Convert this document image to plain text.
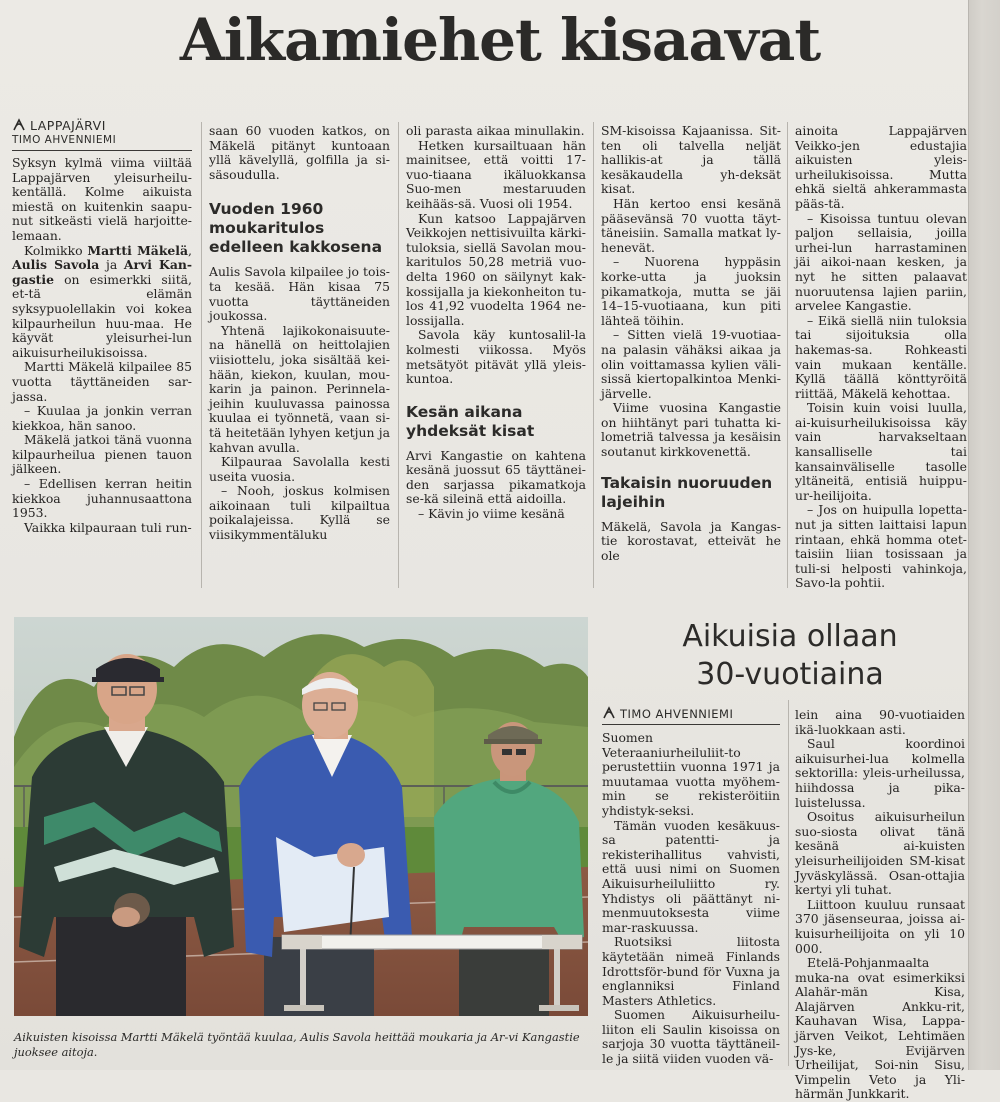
Aikamiehet kisaavat
LAPPAJÄRVI
TIMO AHVENNIEMI

Syksyn kylmä viima viiltää Lappajärven yleisurheilu-kentällä. Kolme aikuista miestä on kuitenkin saapu-nut sitkeästi vielä harjoitte-lemaan.

Kolmikko Martti Mäkelä, Aulis Savola ja Arvi Kan-gastie on esimerkki siitä, et-tä elämän syksypuolellakin voi kokea kilpaurheilun huu-maa. He käyvät yleisurhei-lun aikuisurheilukisoissa.

Martti Mäkelä kilpailee 85 vuotta täyttäneiden sar-jassa.

– Kuulaa ja jonkin verran kiekkoa, hän sanoo.

Mäkelä jatkoi tänä vuonna kilpaurheilua pienen tauon jälkeen.

– Edellisen kerran heitin kiekkoa juhannusaattona 1953.

Vaikka kilpauraan tuli run-

saan 60 vuoden katkos, on Mäkelä pitänyt kuntoaan yllä kävelyllä, golfilla ja si-säsoudulla.

Vuoden 1960 moukaritulos edelleen kakkosena

Aulis Savola kilpailee jo tois-ta kesää. Hän kisaa 75 vuotta täyttäneiden joukossa.

Yhtenä lajikokonaisuute-na hänellä on heittolajien viisiottelu, joka sisältää kei-hään, kiekon, kuulan, mou-karin ja painon. Perinnela-jeihin kuuluvassa painossa kuulaa ei työnnetä, vaan si-tä heitetään lyhyen ketjun ja kahvan avulla.

Kilpauraa Savolalla kesti useita vuosia.

– Nooh, joskus kolmisen aikoinaan tuli kilpailtua poikalajeissa. Kyllä se viisikymmentäluku

oli parasta aikaa minullakin.

Hetken kursailtuaan hän mainitsee, että voitti 17-vuo-tiaana ikäluokkansa Suo-men mestaruuden keihääs-sä. Vuosi oli 1954.

Kun katsoo Lappajärven Veikkojen nettisivuilta kärki-tuloksia, siellä Savolan mou-karitulos 50,28 metriä vuo-delta 1960 on säilynyt kak-kossijalla ja kiekonheiton tu-los 41,92 vuodelta 1964 ne-lossijalla.

Savola käy kuntosalil-la kolmesti viikossa. Myös metsätyöt pitävät yllä yleis-kuntoa.

Kesän aikana yhdeksät kisat

Arvi Kangastie on kahtena kesänä juossut 65 täyttänei-den sarjassa pikamatkoja se-kä sileinä että aidoilla.

– Kävin jo viime kesänä

SM-kisoissa Kajaanissa. Sit-ten oli talvella neljät hallikis-at ja tällä kesäkaudella yh-deksät kisat.

Hän kertoo ensi kesänä pääsevänsä 70 vuotta täyt-täneisiin. Samalla matkat ly-henevät.

– Nuorena hyppäsin korke-utta ja juoksin pikamatkoja, mutta se jäi 14–15-vuotiaana, kun piti lähteä töihin.

– Sitten vielä 19-vuotiaa-na palasin vähäksi aikaa ja olin voittamassa kylien väli-sissä kiertopalkintoa Menki-järvelle.

Viime vuosina Kangastie on hiihtänyt pari tuhatta ki-lometriä talvessa ja kesäisin soutanut kirkkovenettä.

Takaisin nuoruuden lajeihin

Mäkelä, Savola ja Kangas-tie korostavat, etteivät he ole

ainoita Lappajärven Veikko-jen edustajia aikuisten yleis-urheilukisoissa. Mutta ehkä sieltä ahkerammasta pääs-tä.

– Kisoissa tuntuu olevan paljon sellaisia, joilla urhei-lun harrastaminen jäi aikoi-naan kesken, ja nyt he sitten palaavat nuoruutensa lajien pariin, arvelee Kangastie.

– Eikä siellä niin tuloksia tai sijoituksia olla hakemas-sa. Rohkeasti vain mukaan kentälle. Kyllä täällä könttyröitä riittää, Mäkelä kehottaa.

Toisin kuin voisi luulla, ai-kuisurheilukisoissa käy vain harvakseltaan kansalliselle tai kansainväliselle tasolle yltäneitä, entisiä huippu-ur-heilijoita.

– Jos on huipulla lopetta-nut ja sitten laittaisi lapun rintaan, ehkä homma otet-taisiin liian tosissaan ja tuli-si helposti vahinkoja, Savo-la pohtii.

Aikuisten kisoissa Martti Mäkelä työntää kuulaa, Aulis Savola heittää moukaria ja Ar-vi Kangastie juoksee aitoja.
Aikuisia ollaan
30-vuotiaina
TIMO AHVENNIEMI

Suomen Veteraaniurheiluliit-to perustettiin vuonna 1971 ja muutamaa vuotta myöhem-min se rekisteröitiin yhdistyk-seksi.

Tämän vuoden kesäkuus-sa patentti- ja rekisterihallitus vahvisti, että uusi nimi on Suomen Aikuisurheiluliitto ry. Yhdistys oli päättänyt ni-menmuutoksesta viime mar-raskuussa.

Ruotsiksi liitosta käytetään nimeä Finlands Idrottsför-bund för Vuxna ja englanniksi Finland Masters Athletics.

Suomen Aikuisurheilu-liiton eli Saulin kisoissa on sarjoja 30 vuotta täyttäneil-le ja siitä viiden vuoden vä-

lein aina 90-vuotiaiden ikä-luokkaan asti.

Saul koordinoi aikuisurhei-lua kolmella sektorilla: yleis-urheilussa, hiihdossa ja pika-luistelussa.

Osoitus aikuisurheilun suo-siosta olivat tänä kesänä ai-kuisten yleisurheilijoiden SM-kisat Jyväskylässä. Osan-ottajia kertyi yli tuhat.

Liittoon kuuluu runsaat 370 jäsenseuraa, joissa ai-kuisurheilijoita on yli 10 000.

Etelä-Pohjanmaalta muka-na ovat esimerkiksi Alahär-män Kisa, Alajärven Ankku-rit, Kauhavan Wisa, Lappa-järven Veikot, Lehtimäen Jys-ke, Evijärven Urheilijat, Soi-nin Sisu, Vimpelin Veto ja Yli-härmän Junkkarit.
